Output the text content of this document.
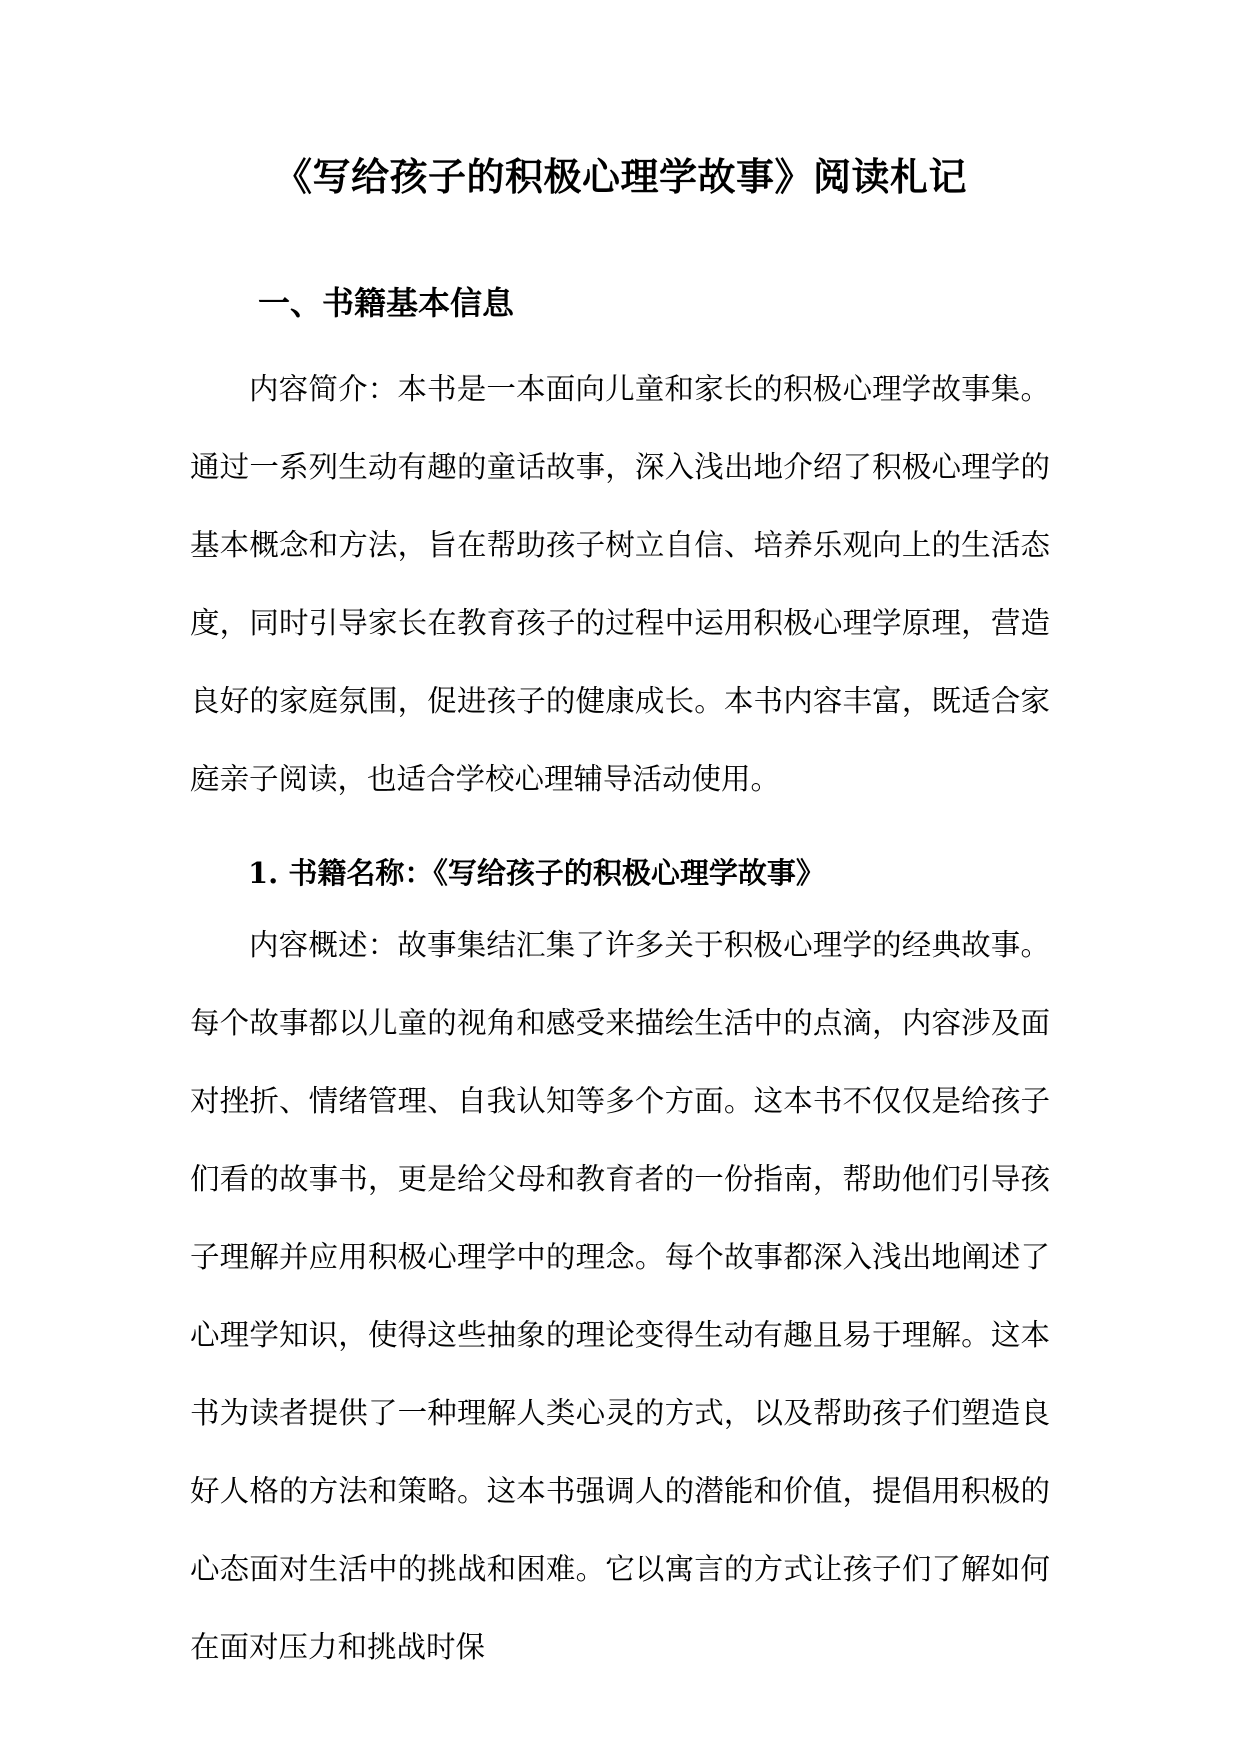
《写给孩子的积极心理学故事》阅读札记
一、书籍基本信息

内容简介：本书是一本面向儿童和家长的积极心理学故事集。通过一系列生动有趣的童话故事，深入浅出地介绍了积极心理学的基本概念和方法，旨在帮助孩子树立自信、培养乐观向上的生活态度，同时引导家长在教育孩子的过程中运用积极心理学原理，营造良好的家庭氛围，促进孩子的健康成长。本书内容丰富，既适合家庭亲子阅读，也适合学校心理辅导活动使用。

1. 书籍名称：《写给孩子的积极心理学故事》

内容概述：故事集结汇集了许多关于积极心理学的经典故事。每个故事都以儿童的视角和感受来描绘生活中的点滴，内容涉及面对挫折、情绪管理、自我认知等多个方面。这本书不仅仅是给孩子们看的故事书，更是给父母和教育者的一份指南，帮助他们引导孩子理解并应用积极心理学中的理念。每个故事都深入浅出地阐述了心理学知识，使得这些抽象的理论变得生动有趣且易于理解。这本书为读者提供了一种理解人类心灵的方式，以及帮助孩子们塑造良好人格的方法和策略。这本书强调人的潜能和价值，提倡用积极的心态面对生活中的挑战和困难。它以寓言的方式让孩子们了解如何在面对压力和挑战时保
